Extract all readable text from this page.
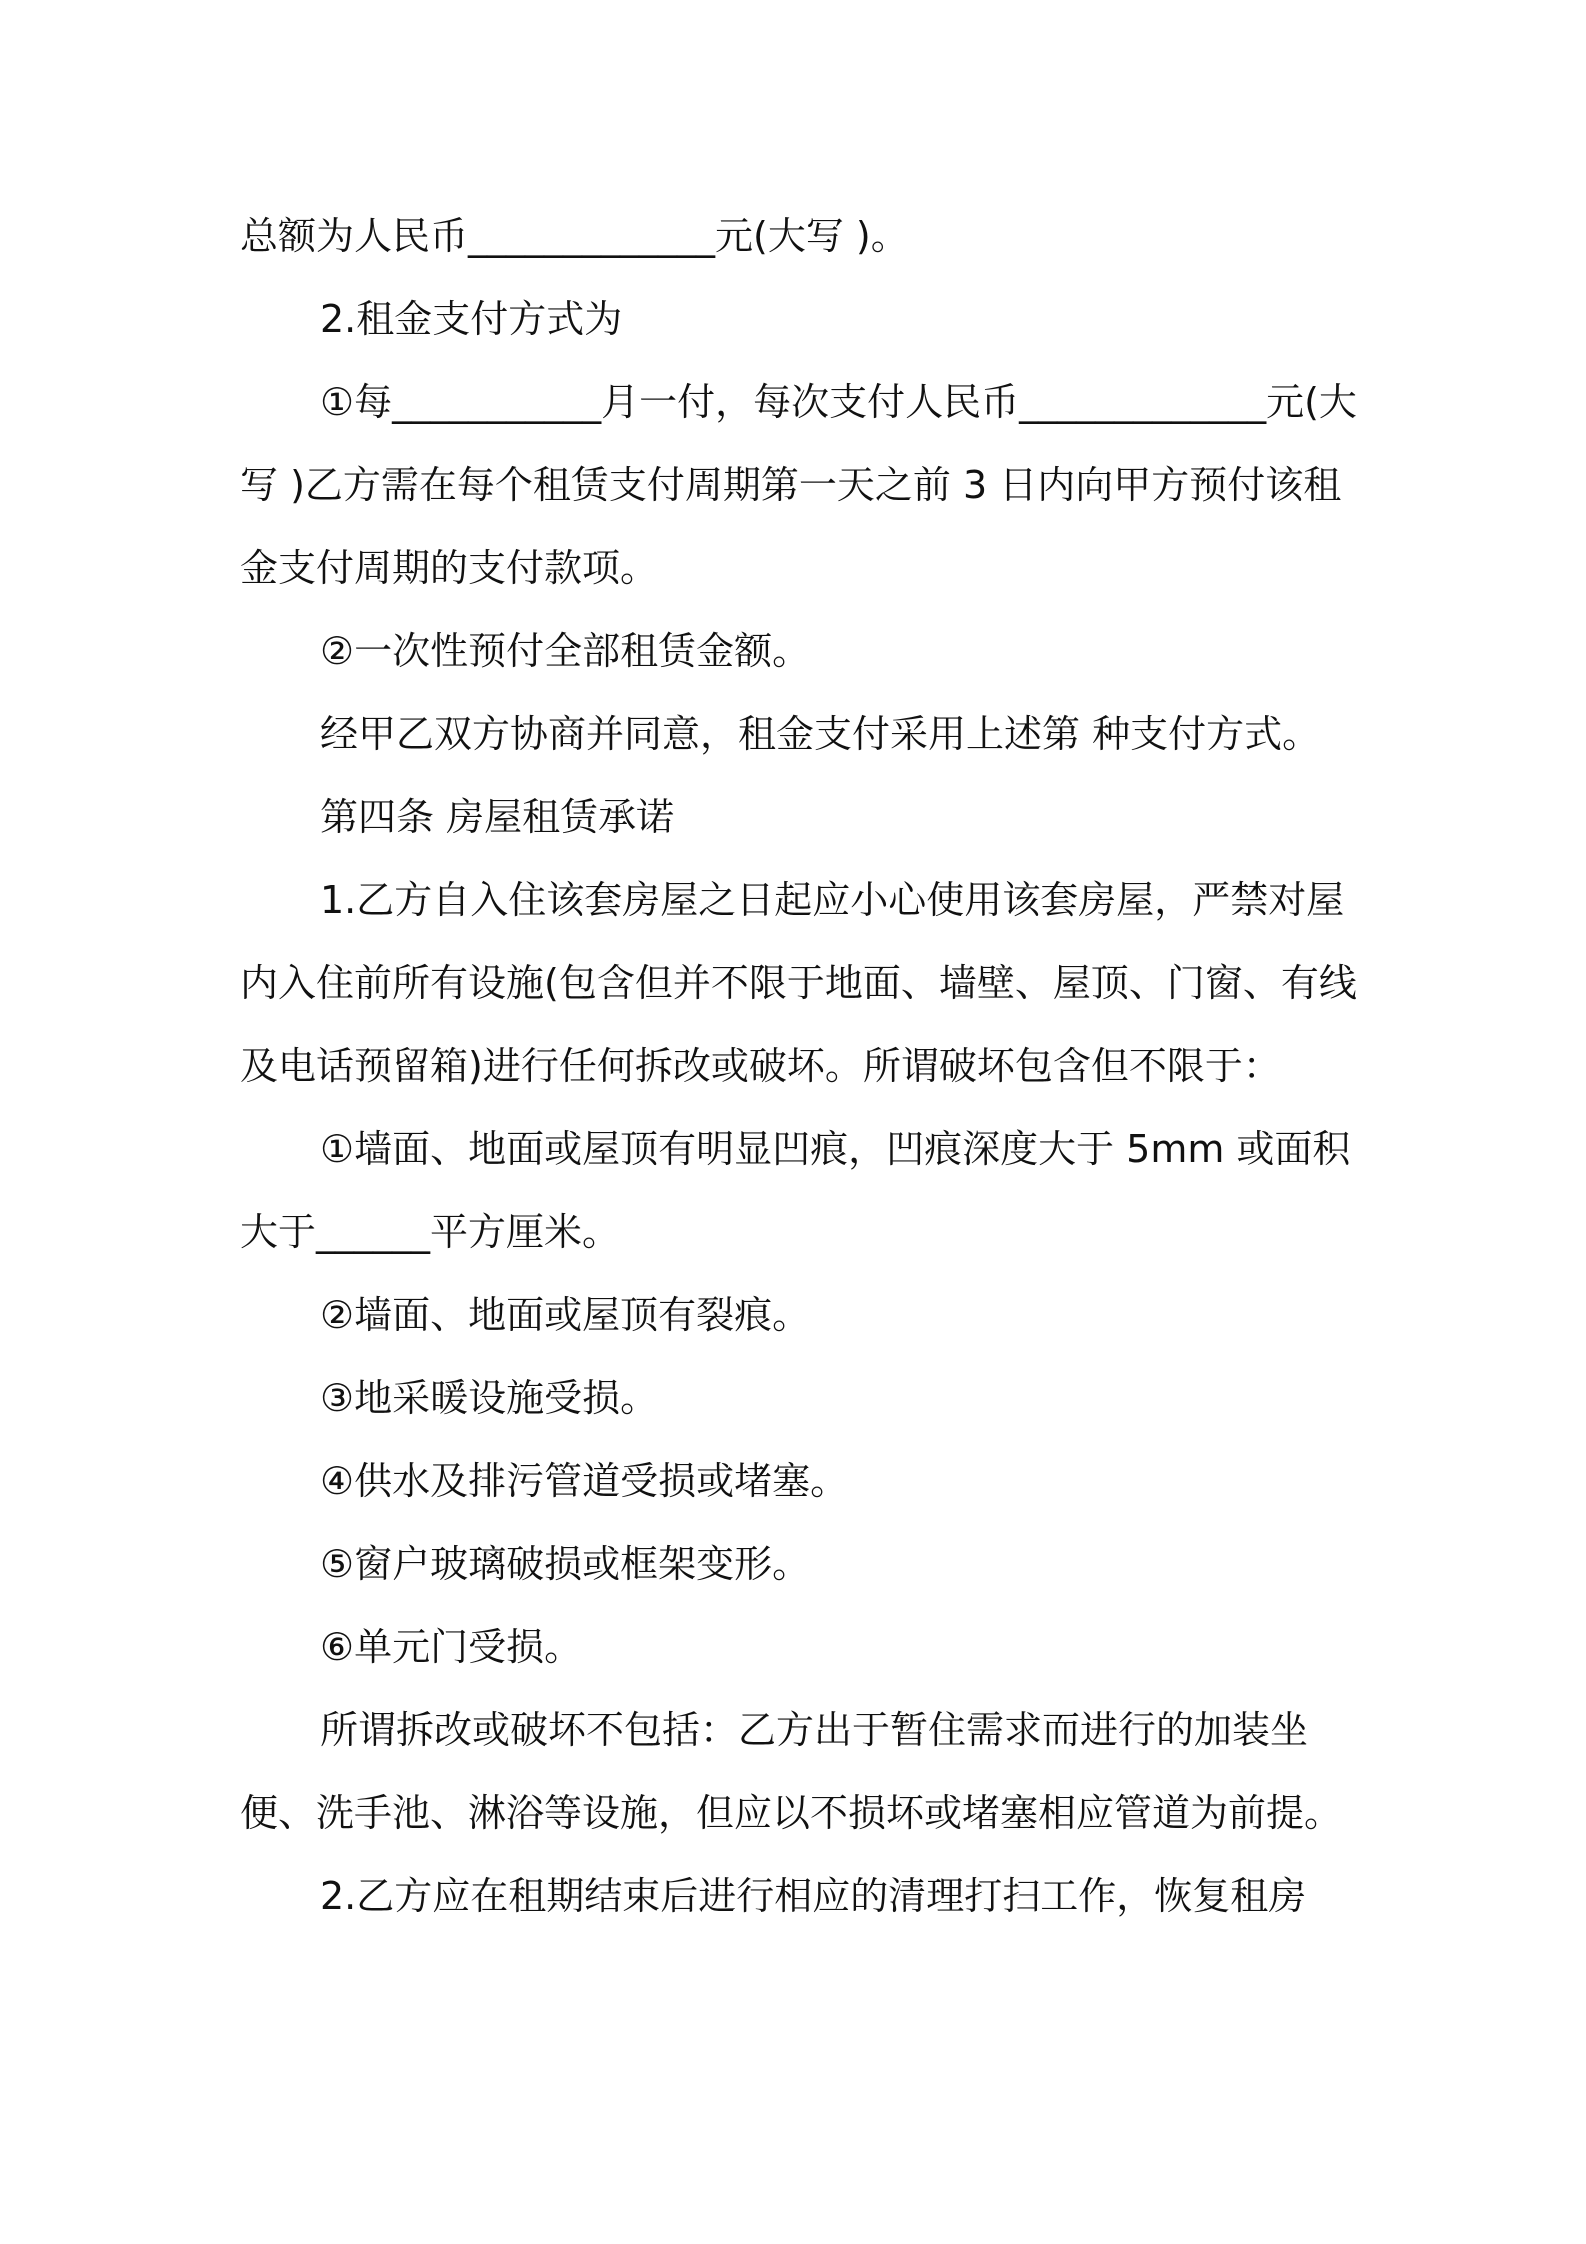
总额为人民币_____________元(大写 )。

2.租金支付方式为

①每___________月一付，每次支付人民币_____________元(大写 )乙方需在每个租赁支付周期第一天之前 3 日内向甲方预付该租金支付周期的支付款项。

②一次性预付全部租赁金额。

经甲乙双方协商并同意，租金支付采用上述第 种支付方式。

第四条 房屋租赁承诺

1.乙方自入住该套房屋之日起应小心使用该套房屋，严禁对屋内入住前所有设施(包含但并不限于地面、墙壁、屋顶、门窗、有线及电话预留箱)进行任何拆改或破坏。所谓破坏包含但不限于：

①墙面、地面或屋顶有明显凹痕，凹痕深度大于 5mm 或面积大于______平方厘米。

②墙面、地面或屋顶有裂痕。

③地采暖设施受损。

④供水及排污管道受损或堵塞。

⑤窗户玻璃破损或框架变形。

⑥单元门受损。

所谓拆改或破坏不包括：乙方出于暂住需求而进行的加装坐便、洗手池、淋浴等设施，但应以不损坏或堵塞相应管道为前提。

2.乙方应在租期结束后进行相应的清理打扫工作，恢复租房
